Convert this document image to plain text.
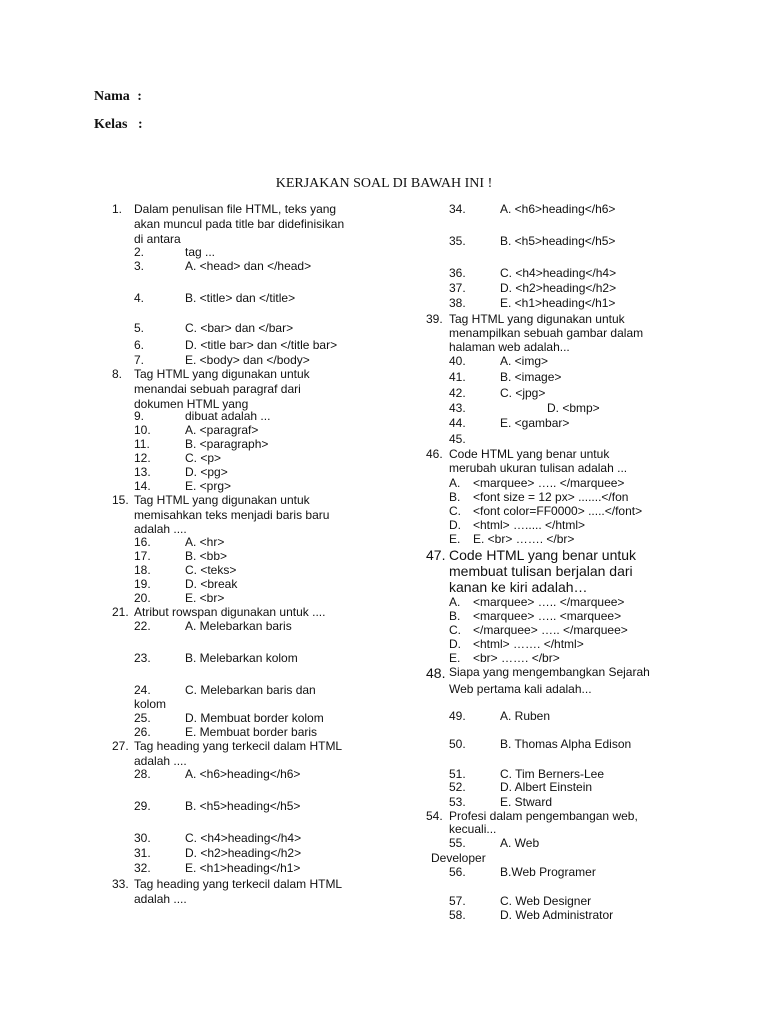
Nama :
Kelas :
KERJAKAN SOAL DI BAWAH INI !
1. Dalam penulisan file HTML, teks yang
akan muncul pada title bar didefinisikan
di antara
2.	tag ...
3.	A. <head> dan </head>
4.	B. <title> dan </title>
5.	C. <bar> dan </bar>
6.	D. <title bar> dan </title bar>
7.	E. <body> dan </body>
8. Tag HTML yang digunakan untuk
menandai sebuah paragraf dari
dokumen HTML yang
9.	dibuat adalah ...
10.	A. <paragraf>
11.	B. <paragraph>
12.	C. <p>
13.	D. <pg>
14.	E. <prg>
15. Tag HTML yang digunakan untuk
memisahkan teks menjadi baris baru
adalah ....
16.	A. <hr>
17.	B. <bb>
18.	C. <teks>
19.	D. <break
20.	E. <br>
21. Atribut rowspan digunakan untuk ....
22.	A. Melebarkan baris
23.	B. Melebarkan kolom
24.	C. Melebarkan baris dan
kolom
25.	D. Membuat border kolom
26.	E. Membuat border baris
27. Tag heading yang terkecil dalam HTML
adalah ....
28.	A. <h6>heading</h6>
29.	B. <h5>heading</h5>
30.	C. <h4>heading</h4>
31.	D. <h2>heading</h2>
32.	E. <h1>heading</h1>
33. Tag heading yang terkecil dalam HTML
adalah ....
34.	A. <h6>heading</h6>
35.	B. <h5>heading</h5>
36.	C. <h4>heading</h4>
37.	D. <h2>heading</h2>
38.	E. <h1>heading</h1>
39. Tag HTML yang digunakan untuk
menampilkan sebuah gambar dalam
halaman web adalah...
40.	A. <img>
41.	B. <image>
42.	C. <jpg>
43.	D. <bmp>
44.	E. <gambar>
45.
46. Code HTML yang benar untuk
merubah ukuran tulisan adalah ...
A. <marquee> ….. </marquee>
B. <font size = 12 px> .......</fon
C. <font color=FF0000> .....</font>
D. <html> …..... </html>
E. E. <br> ……. </br>
47. Code HTML yang benar untuk
membuat tulisan berjalan dari
kanan ke kiri adalah…
A. <marquee> ….. </marquee>
B. <marquee> ….. <marquee>
C. </marquee> ….. </marquee>
D. <html> ……. </html>
E. <br> ……. </br>
48. Siapa yang mengembangkan Sejarah
Web pertama kali adalah...
49.	A. Ruben
50.	B. Thomas Alpha Edison
51.	C. Tim Berners-Lee
52.	D. Albert Einstein
53.	E. Stward
54. Profesi dalam pengembangan web,
kecuali...
55.	A. Web
Developer
56.	B.Web Programer
57.	C. Web Designer
58.	D. Web Administrator
